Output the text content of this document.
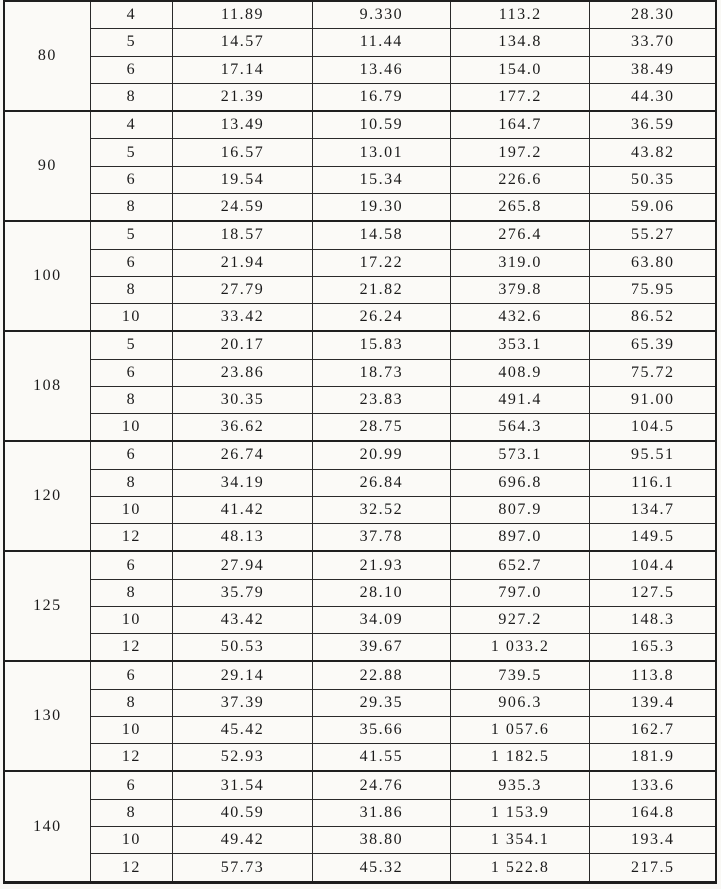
80	4	11.89	9.330	113.2	28.30
	5	14.57	11.44	134.8	33.70
	6	17.14	13.46	154.0	38.49
	8	21.39	16.79	177.2	44.30
90	4	13.49	10.59	164.7	36.59
	5	16.57	13.01	197.2	43.82
	6	19.54	15.34	226.6	50.35
	8	24.59	19.30	265.8	59.06
100	5	18.57	14.58	276.4	55.27
	6	21.94	17.22	319.0	63.80
	8	27.79	21.82	379.8	75.95
	10	33.42	26.24	432.6	86.52
108	5	20.17	15.83	353.1	65.39
	6	23.86	18.73	408.9	75.72
	8	30.35	23.83	491.4	91.00
	10	36.62	28.75	564.3	104.5
120	6	26.74	20.99	573.1	95.51
	8	34.19	26.84	696.8	116.1
	10	41.42	32.52	807.9	134.7
	12	48.13	37.78	897.0	149.5
125	6	27.94	21.93	652.7	104.4
	8	35.79	28.10	797.0	127.5
	10	43.42	34.09	927.2	148.3
	12	50.53	39.67	1 033.2	165.3
130	6	29.14	22.88	739.5	113.8
	8	37.39	29.35	906.3	139.4
	10	45.42	35.66	1 057.6	162.7
	12	52.93	41.55	1 182.5	181.9
140	6	31.54	24.76	935.3	133.6
	8	40.59	31.86	1 153.9	164.8
	10	49.42	38.80	1 354.1	193.4
	12	57.73	45.32	1 522.8	217.5
